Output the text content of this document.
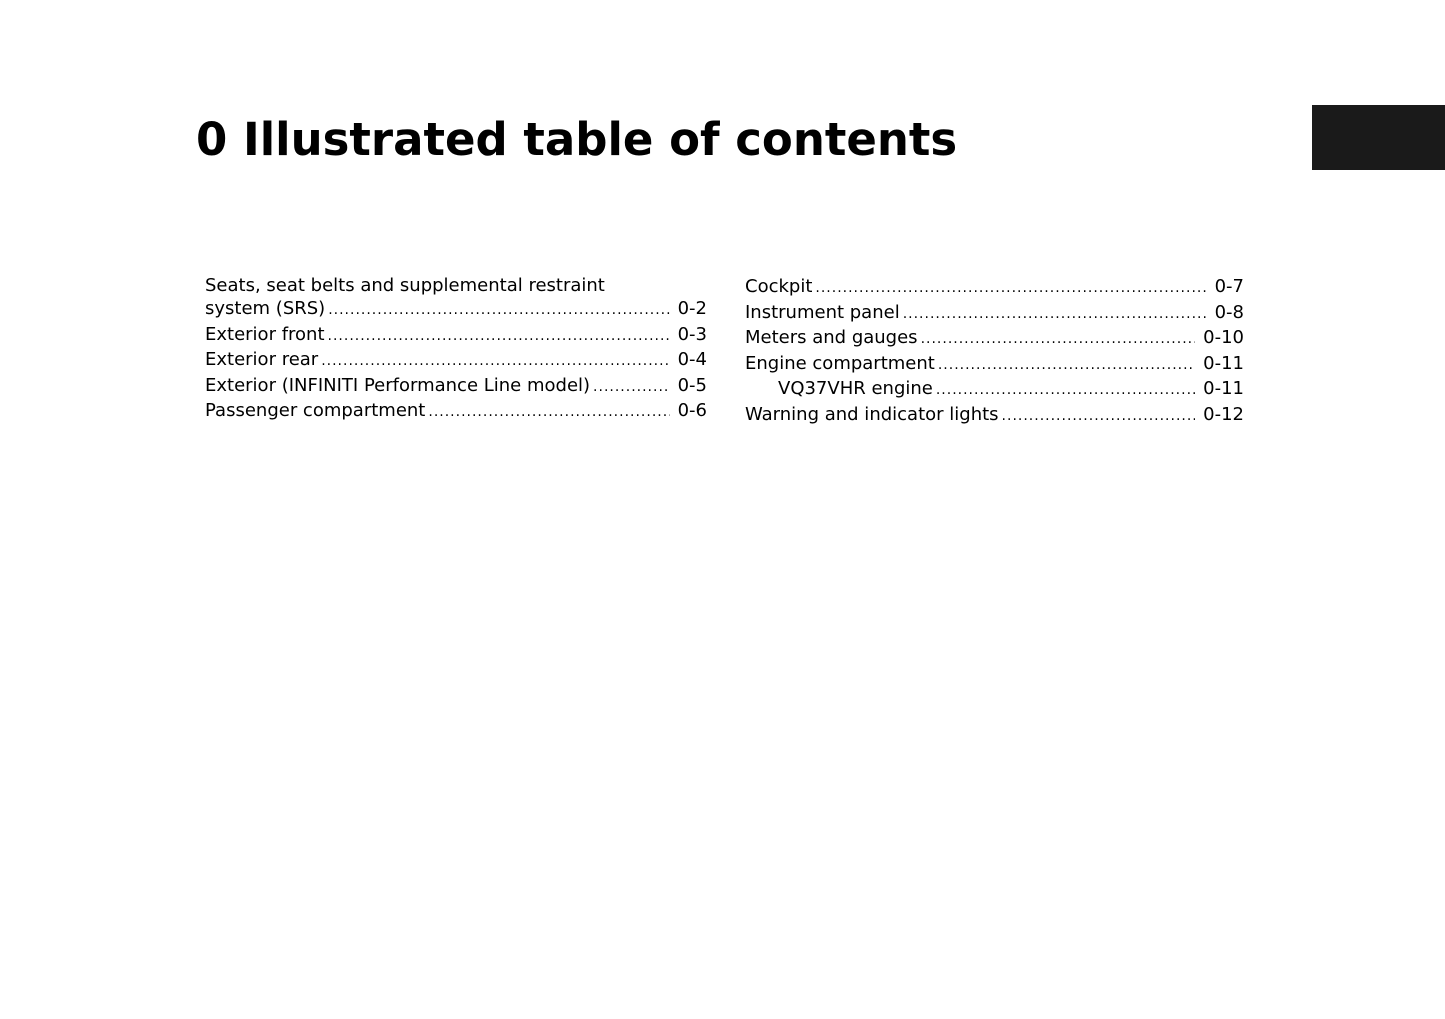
0 Illustrated table of contents
Seats, seat belts and supplemental restraint
system (SRS) .....	0-2
Exterior front .....	0-3
Exterior rear .....	0-4
Exterior (INFINITI Performance Line model) .....	0-5
Passenger compartment .....	0-6
Cockpit .....	0-7
Instrument panel .....	0-8
Meters and gauges .....	0-10
Engine compartment .....	0-11
VQ37VHR engine .....	0-11
Warning and indicator lights .....	0-12
